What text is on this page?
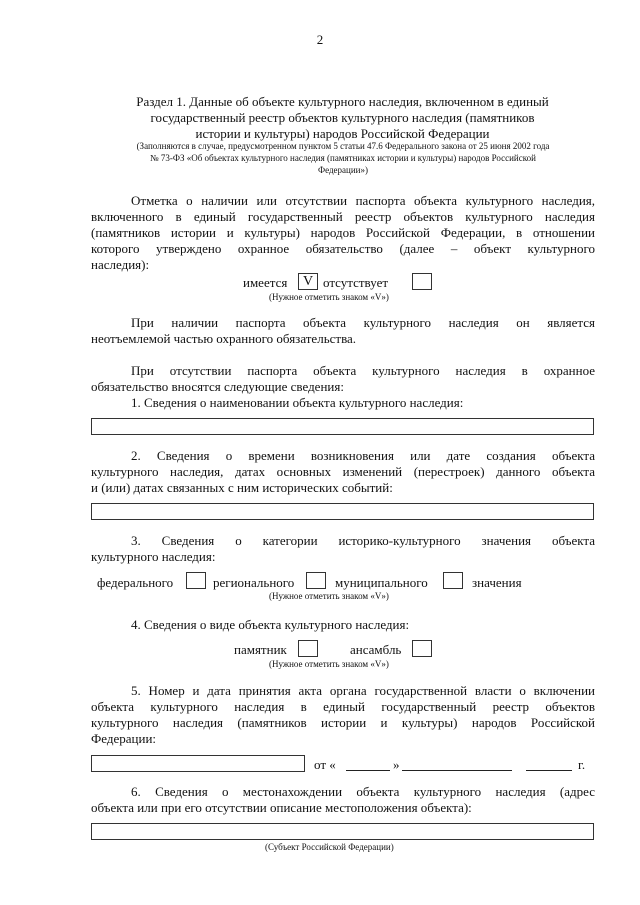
2
Раздел 1. Данные об объекте культурного наследия, включенном в единый
государственный реестр объектов культурного наследия (памятников
истории и культуры) народов Российской Федерации
(Заполняются в случае, предусмотренном пунктом 5 статьи 47.6 Федерального закона от 25 июня 2002 года
№ 73-ФЗ «Об объектах культурного наследия (памятниках истории и культуры) народов Российской
Федерации»)
Отметка о наличии или отсутствии паспорта объекта культурного наследия,
включенного в единый государственный реестр объектов культурного наследия
(памятников истории и культуры) народов Российской Федерации, в отношении
которого утверждено охранное обязательство (далее – объект культурного
наследия):
имеется	V отсутствует
(Нужное отметить знаком «V»)
При наличии паспорта объекта культурного наследия он является
неотъемлемой частью охранного обязательства.
При отсутствии паспорта объекта культурного наследия в охранное
обязательство вносятся следующие сведения:
1. Сведения о наименовании объекта культурного наследия:
2. Сведения о времени возникновения или дате создания объекта
культурного наследия, датах основных изменений (перестроек) данного объекта
и (или) датах связанных с ним исторических событий:
3. Сведения о категории историко-культурного значения объекта
культурного наследия:
федерального	регионального	муниципального	значения
(Нужное отметить знаком «V»)
4. Сведения о виде объекта культурного наследия:
памятник	ансамбль
(Нужное отметить знаком «V»)
5. Номер и дата принятия акта органа государственной власти о включении
объекта культурного наследия в единый государственный реестр объектов
культурного наследия (памятников истории и культуры) народов Российской
Федерации:
от «	»	г.
6. Сведения о местонахождении объекта культурного наследия (адрес
объекта или при его отсутствии описание местоположения объекта):
(Субъект Российской Федерации)
